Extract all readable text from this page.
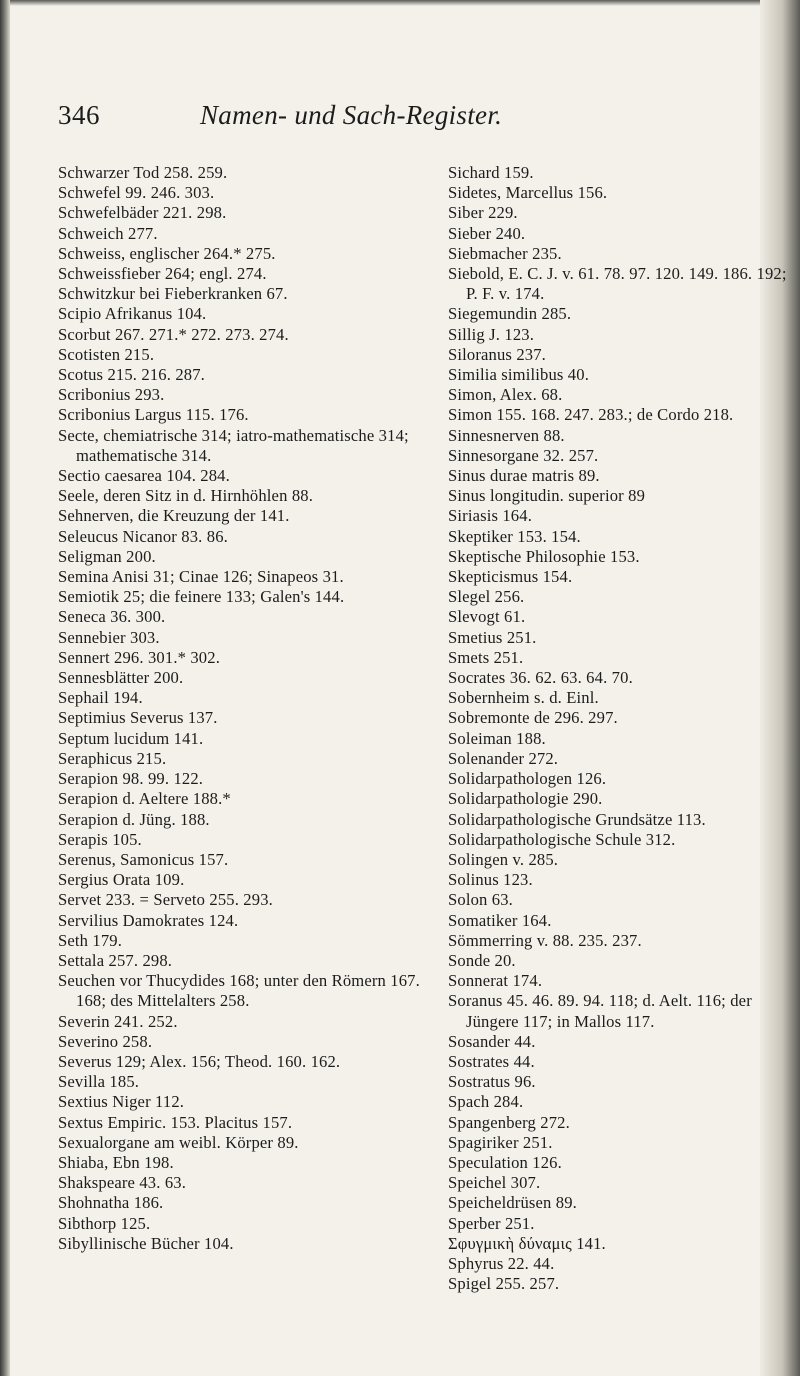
346	Namen- und Sach-Register.
Schwarzer Tod 258. 259.
Schwefel 99. 246. 303.
Schwefelbäder 221. 298.
Schweich 277.
Schweiss, englischer 264.* 275.
Schweissfieber 264; engl. 274.
Schwitzkur bei Fieberkranken 67.
Scipio Afrikanus 104.
Scorbut 267. 271.* 272. 273. 274.
Scotisten 215.
Scotus 215. 216. 287.
Scribonius 293.
Scribonius Largus 115. 176.
Secte, chemiatrische 314; iatro-mathematische 314; mathematische 314.
Sectio caesarea 104. 284.
Seele, deren Sitz in d. Hirnhöhlen 88.
Sehnerven, die Kreuzung der 141.
Seleucus Nicanor 83. 86.
Seligman 200.
Semina Anisi 31; Cinae 126; Sinapeos 31.
Semiotik 25; die feinere 133; Galen's 144.
Seneca 36. 300.
Sennebier 303.
Sennert 296. 301.* 302.
Sennesblätter 200.
Sephail 194.
Septimius Severus 137.
Septum lucidum 141.
Seraphicus 215.
Serapion 98. 99. 122.
Serapion d. Aeltere 188.*
Serapion d. Jüng. 188.
Serapis 105.
Serenus, Samonicus 157.
Sergius Orata 109.
Servet 233. = Serveto 255. 293.
Servilius Damokrates 124.
Seth 179.
Settala 257. 298.
Seuchen vor Thucydides 168; unter den Römern 167. 168; des Mittelalters 258.
Severin 241. 252.
Severino 258.
Severus 129; Alex. 156; Theod. 160. 162.
Sevilla 185.
Sextius Niger 112.
Sextus Empiric. 153. Placitus 157.
Sexualorgane am weibl. Körper 89.
Shiaba, Ebn 198.
Shakspeare 43. 63.
Shohnatha 186.
Sibthorp 125.
Sibyllinische Bücher 104.
Sichard 159.
Sidetes, Marcellus 156.
Siber 229.
Sieber 240.
Siebmacher 235.
Siebold, E. C. J. v. 61. 78. 97. 120. 149. 186. 192; P. F. v. 174.
Siegemundin 285.
Sillig J. 123.
Siloranus 237.
Similia similibus 40.
Simon, Alex. 68.
Simon 155. 168. 247. 283.; de Cordo 218.
Sinnesnerven 88.
Sinnesorgane 32. 257.
Sinus durae matris 89.
Sinus longitudin. superior 89
Siriasis 164.
Skeptiker 153. 154.
Skeptische Philosophie 153.
Skepticismus 154.
Slegel 256.
Slevogt 61.
Smetius 251.
Smets 251.
Socrates 36. 62. 63. 64. 70.
Sobernheim s. d. Einl.
Sobremonte de 296. 297.
Soleiman 188.
Solenander 272.
Solidarpathologen 126.
Solidarpathologie 290.
Solidarpathologische Grundsätze 113.
Solidarpathologische Schule 312.
Solingen v. 285.
Solinus 123.
Solon 63.
Somatiker 164.
Sömmerring v. 88. 235. 237.
Sonde 20.
Sonnerat 174.
Soranus 45. 46. 89. 94. 118; d. Aelt. 116; der Jüngere 117; in Mallos 117.
Sosander 44.
Sostrates 44.
Sostratus 96.
Spach 284.
Spangenberg 272.
Spagiriker 251.
Speculation 126.
Speichel 307.
Speicheldrüsen 89.
Sperber 251.
Σφυγμικὴ δύναμις 141.
Sphyrus 22. 44.
Spigel 255. 257.
